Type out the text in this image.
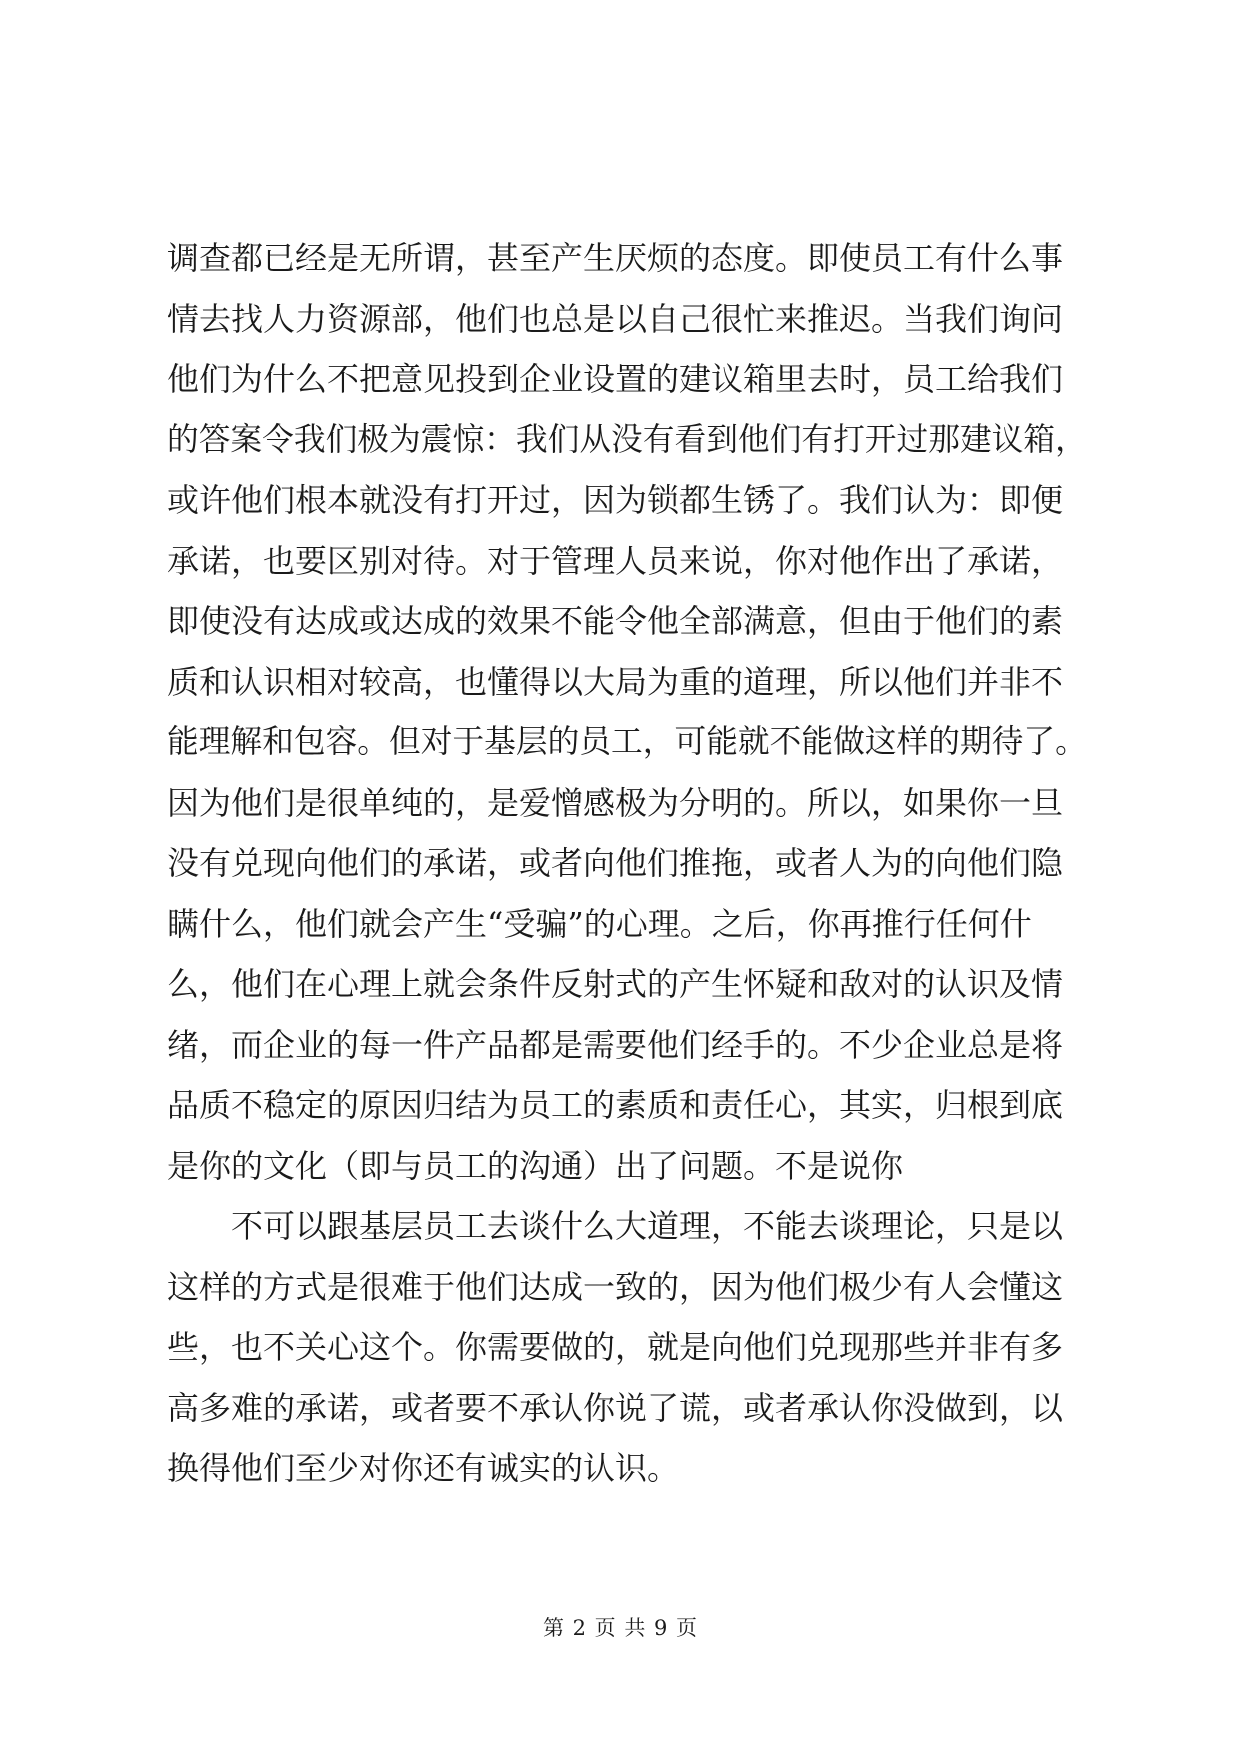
调查都已经是无所谓，甚至产生厌烦的态度。即使员工有什么事
情去找人力资源部，他们也总是以自己很忙来推迟。当我们询问
他们为什么不把意见投到企业设置的建议箱里去时，员工给我们
的答案令我们极为震惊：我们从没有看到他们有打开过那建议箱，
或许他们根本就没有打开过，因为锁都生锈了。我们认为：即便
承诺，也要区别对待。对于管理人员来说，你对他作出了承诺，
即使没有达成或达成的效果不能令他全部满意，但由于他们的素
质和认识相对较高，也懂得以大局为重的道理，所以他们并非不
能理解和包容。但对于基层的员工，可能就不能做这样的期待了。
因为他们是很单纯的，是爱憎感极为分明的。所以，如果你一旦
没有兑现向他们的承诺，或者向他们推拖，或者人为的向他们隐
瞒什么，他们就会产生“受骗”的心理。之后，你再推行任何什
么，他们在心理上就会条件反射式的产生怀疑和敌对的认识及情
绪，而企业的每一件产品都是需要他们经手的。不少企业总是将
品质不稳定的原因归结为员工的素质和责任心，其实，归根到底
是你的文化（即与员工的沟通）出了问题。不是说你
　　不可以跟基层员工去谈什么大道理，不能去谈理论，只是以
这样的方式是很难于他们达成一致的，因为他们极少有人会懂这
些，也不关心这个。你需要做的，就是向他们兑现那些并非有多
高多难的承诺，或者要不承认你说了谎，或者承认你没做到，以
换得他们至少对你还有诚实的认识。
第 2 页 共 9 页
